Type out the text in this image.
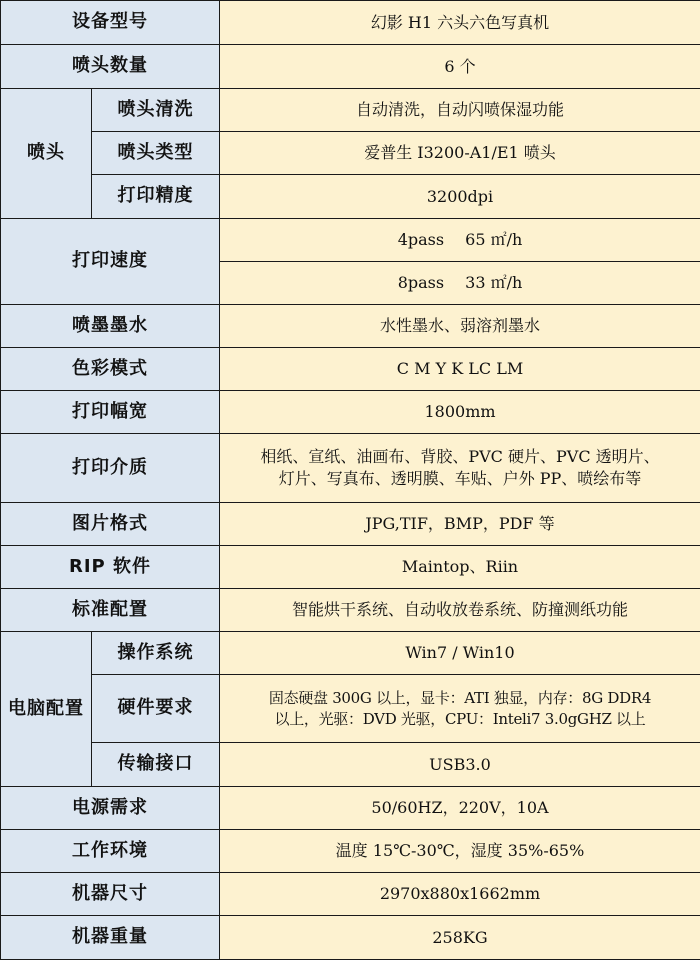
设备型号		幻影 H1 六头六色写真机
喷头数量		6 个
喷头	喷头清洗	自动清洗，自动闪喷保湿功能
	喷头类型	爱普生 I3200-A1/E1 喷头
	打印精度	3200dpi
打印速度		4pass　 65 ㎡/h
		8pass　 33 ㎡/h
喷墨墨水		水性墨水、弱溶剂墨水
色彩模式		C M Y K LC LM
打印幅宽		1800mm
打印介质		相纸、宣纸、油画布、背胶、PVC 硬片、PVC 透明片、
灯片、写真布、透明膜、车贴、户外 PP、喷绘布等

图片格式		JPG,TIF，BMP，PDF 等
RIP 软件		Maintop、Riin
标准配置		智能烘干系统、自动收放卷系统、防撞测纸功能
电脑配置	操作系统	Win7 / Win10
	硬件要求	固态硬盘 300G 以上，显卡：ATI 独显，内存：8G DDR4
以上，光驱：DVD 光驱，CPU：Inteli7 3.0gGHZ 以上

	传输接口	USB3.0
电源需求		50/60HZ，220V，10A
工作环境		温度 15℃-30℃，湿度 35%-65%
机器尺寸		2970x880x1662mm
机器重量		258KG
